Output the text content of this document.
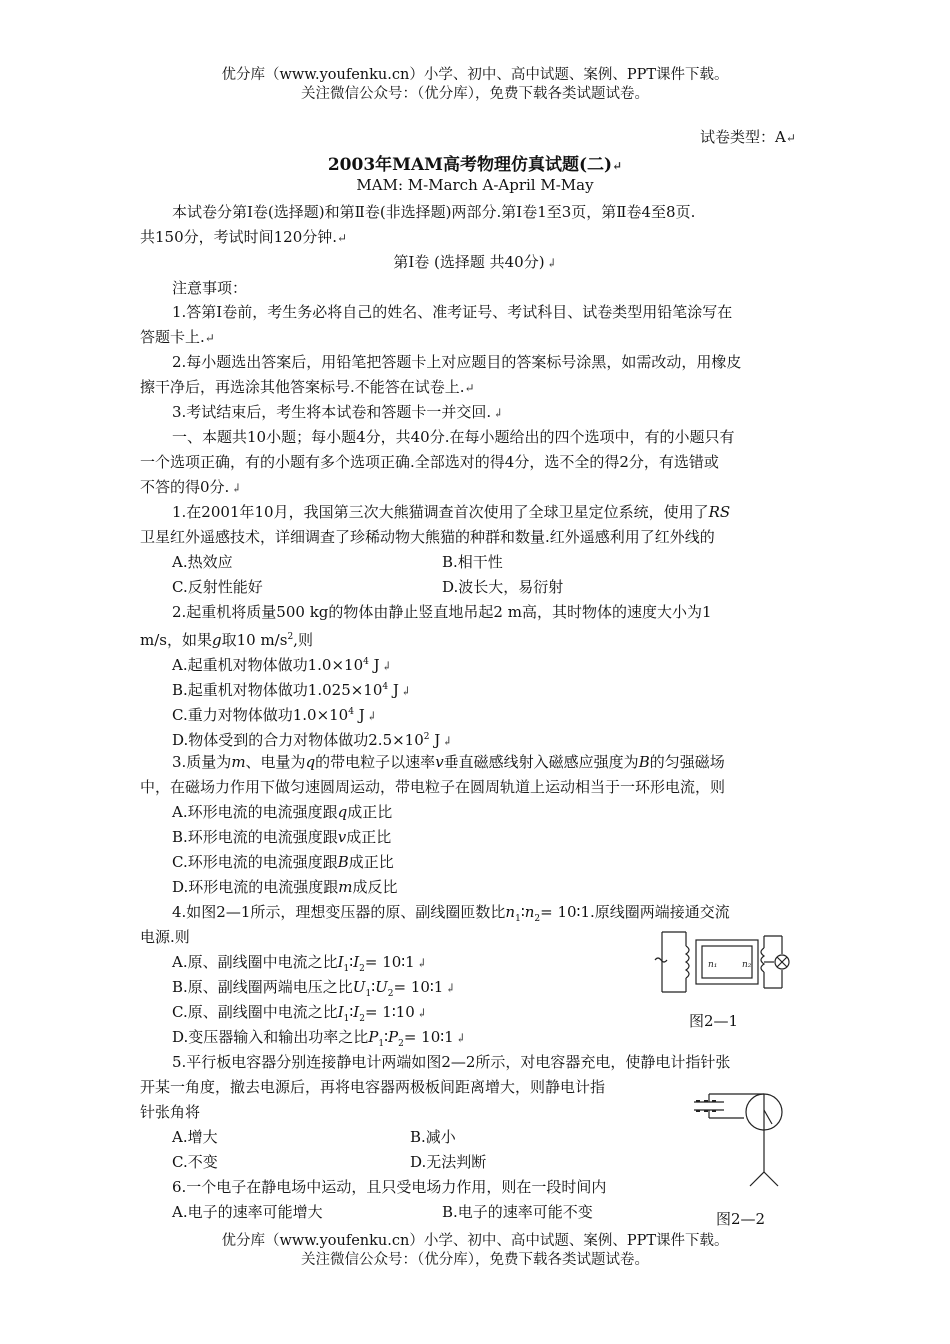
优分库（www.youfenku.cn）小学、初中、高中试题、案例、PPT课件下载。
关注微信公众号：（优分库），免费下载各类试题试卷。
试卷类型：A↵
2003年MAM高考物理仿真试题(二)↵
MAM: M-March A-April M-May
本试卷分第Ⅰ卷(选择题)和第Ⅱ卷(非选择题)两部分.第Ⅰ卷1至3页，第Ⅱ卷4至8页.
共150分，考试时间120分钟.↵
第Ⅰ卷 (选择题 共40分) ↲
注意事项：
1.答第Ⅰ卷前，考生务必将自己的姓名、准考证号、考试科目、试卷类型用铅笔涂写在
答题卡上.↵
2.每小题选出答案后，用铅笔把答题卡上对应题目的答案标号涂黑，如需改动，用橡皮
擦干净后，再选涂其他答案标号.不能答在试卷上.↵
3.考试结束后，考生将本试卷和答题卡一并交回. ↲
一、本题共10小题；每小题4分，共40分.在每小题给出的四个选项中，有的小题只有
一个选项正确，有的小题有多个选项正确.全部选对的得4分，选不全的得2分，有选错或
不答的得0分. ↲
1.在2001年10月，我国第三次大熊猫调查首次使用了全球卫星定位系统，使用了RS
卫星红外遥感技术，详细调查了珍稀动物大熊猫的种群和数量.红外遥感利用了红外线的
A.热效应	B.相干性
C.反射性能好	D.波长大，易衍射
2.起重机将质量500 kg的物体由静止竖直地吊起2 m高，其时物体的速度大小为1
m/s，如果g取10 $m/s^2$,则
A.起重机对物体做功$1.0\times 10^4$ J ↲
B.起重机对物体做功$1.025\times 10^4$ J ↲
C.重力对物体做功$1.0\times 10^4$ J ↲
D.物体受到的合力对物体做功$2.5\times 10^2$ J ↲
3.质量为m、电量为q的带电粒子以速率v垂直磁感线射入磁感应强度为B的匀强磁场
中，在磁场力作用下做匀速圆周运动，带电粒子在圆周轨道上运动相当于一环形电流，则
A.环形电流的电流强度跟q成正比
B.环形电流的电流强度跟v成正比
C.环形电流的电流强度跟B成正比
D.环形电流的电流强度跟m成反比
4.如图2—1所示，理想变压器的原、副线圈匝数比$n_1∶n_2=$ 10∶1.原线圈两端接通交流
电源.则
A.原、副线圈中电流之比$I_1∶I_2=$ 10∶1 ↲
B.原、副线圈两端电压之比$U_1∶U_2=$ 10∶1 ↲
C.原、副线圈中电流之比$I_1∶I_2=$ 1∶10 ↲
D.变压器输入和输出功率之比$P_1∶P_2=$ 10∶1 ↲
n₁	n₂
图2—1
5.平行板电容器分别连接静电计两端如图2—2所示，对电容器充电，使静电计指针张
开某一角度，撤去电源后，再将电容器两极板间距离增大，则静电计指
针张角将
A.增大	B.减小
C.不变	D.无法判断
图2—2
6.一个电子在静电场中运动，且只受电场力作用，则在一段时间内
A.电子的速率可能增大	B.电子的速率可能不变
优分库（www.youfenku.cn）小学、初中、高中试题、案例、PPT课件下载。
关注微信公众号：（优分库），免费下载各类试题试卷。
